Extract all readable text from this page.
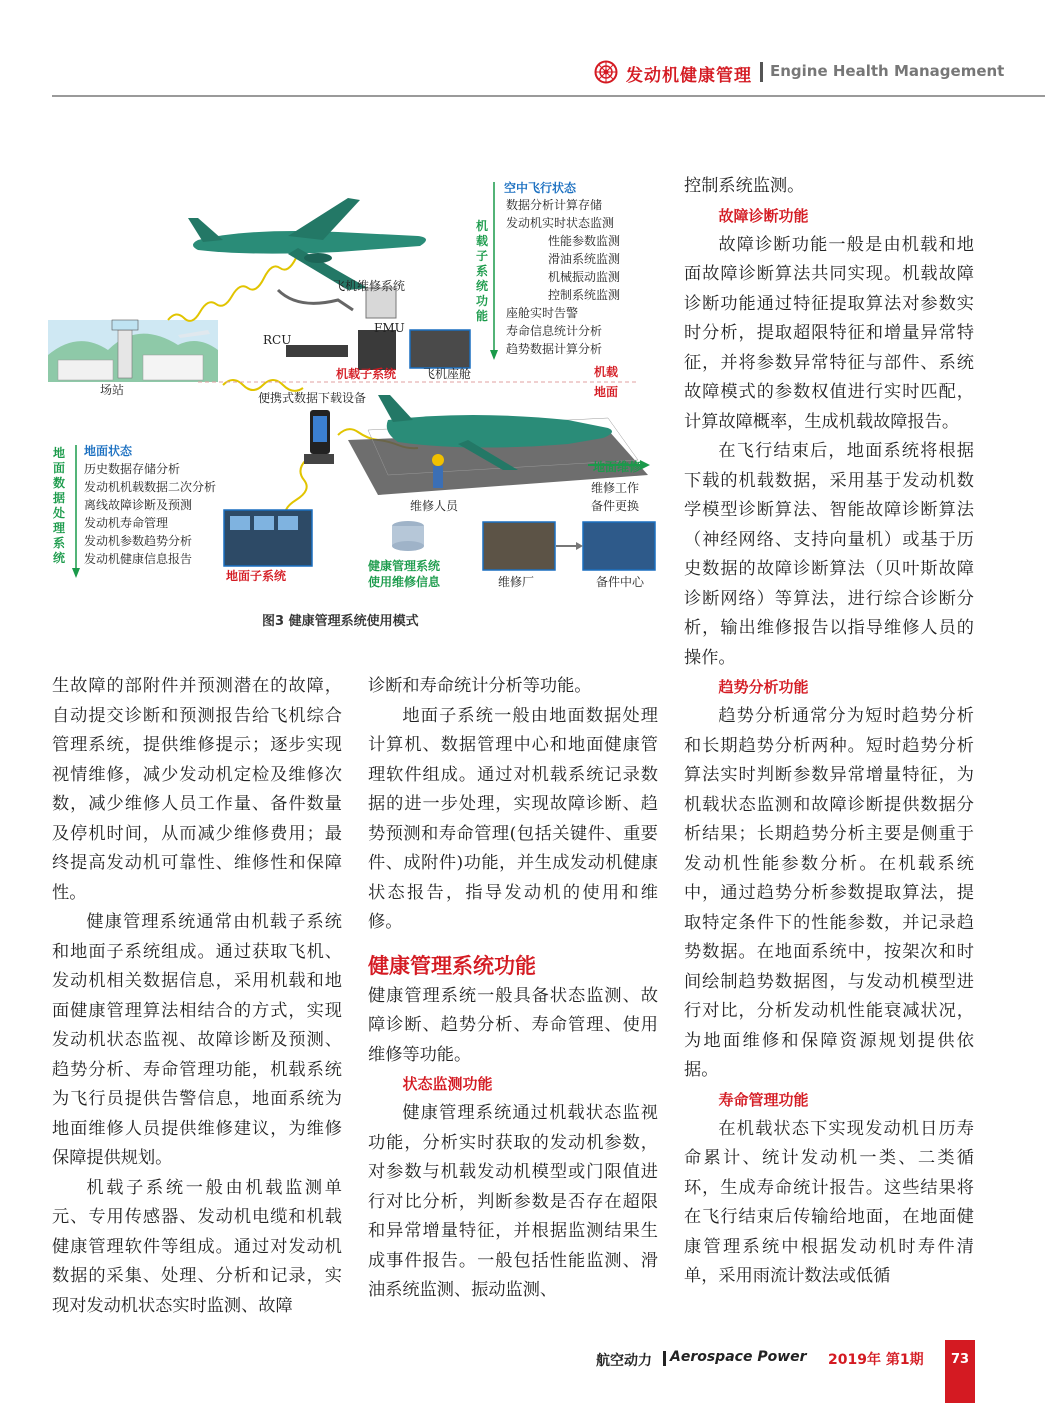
发动机健康管理 Engine Health Management
场站
空中飞行状态
数据分析计算存储
发动机实时状态监测
性能参数监测
滑油系统监测
机械振动监测
控制系统监测
座舱实时告警
寿命信息统计分析
趋势数据计算分析
机载子系统功能
飞机维修系统
FMU
RCU
机载子系统 飞机座舱	机载
地面
便携式数据下载设备
维修人员
地面维修
维修工作
备件更换
地面状态
历史数据存储分析
发动机机载数据二次分析
离线故障诊断及预测
发动机寿命管理
发动机参数趋势分析
发动机健康信息报告
地面数据处理系统
地面子系统
健康管理系统
使用维修信息	维修厂	备件中心
图3 健康管理系统使用模式

生故障的部附件并预测潜在的故障，自动提交诊断和预测报告给飞机综合管理系统，提供维修提示；逐步实现视情维修，减少发动机定检及维修次数，减少维修人员工作量、备件数量及停机时间，从而减少维修费用；最终提高发动机可靠性、维修性和保障性。

健康管理系统通常由机载子系统和地面子系统组成。通过获取飞机、发动机相关数据信息，采用机载和地面健康管理算法相结合的方式，实现发动机状态监视、故障诊断及预测、趋势分析、寿命管理功能，机载系统为飞行员提供告警信息，地面系统为地面维修人员提供维修建议，为维修保障提供规划。

机载子系统一般由机载监测单元、专用传感器、发动机电缆和机载健康管理软件等组成。通过对发动机数据的采集、处理、分析和记录，实现对发动机状态实时监测、故障

诊断和寿命统计分析等功能。

地面子系统一般由地面数据处理计算机、数据管理中心和地面健康管理软件组成。通过对机载系统记录数据的进一步处理，实现故障诊断、趋势预测和寿命管理(包括关键件、重要件、成附件)功能，并生成发动机健康状态报告，指导发动机的使用和维修。

健康管理系统功能

健康管理系统一般具备状态监测、故障诊断、趋势分析、寿命管理、使用维修等功能。

状态监测功能

健康管理系统通过机载状态监视功能，分析实时获取的发动机参数，对参数与机载发动机模型或门限值进行对比分析，判断参数是否存在超限和异常增量特征，并根据监测结果生成事件报告。一般包括性能监测、滑油系统监测、振动监测、

控制系统监测。

故障诊断功能

故障诊断功能一般是由机载和地面故障诊断算法共同实现。机载故障诊断功能通过特征提取算法对参数实时分析，提取超限特征和增量异常特征，并将参数异常特征与部件、系统故障模式的参数权值进行实时匹配，计算故障概率，生成机载故障报告。

在飞行结束后，地面系统将根据下载的机载数据，采用基于发动机数学模型诊断算法、智能故障诊断算法（神经网络、支持向量机）或基于历史数据的故障诊断算法（贝叶斯故障诊断网络）等算法，进行综合诊断分析，输出维修报告以指导维修人员的操作。

趋势分析功能

趋势分析通常分为短时趋势分析和长期趋势分析两种。短时趋势分析算法实时判断参数异常增量特征，为机载状态监测和故障诊断提供数据分析结果；长期趋势分析主要是侧重于发动机性能参数分析。在机载系统中，通过趋势分析参数提取算法，提取特定条件下的性能参数，并记录趋势数据。在地面系统中，按架次和时间绘制趋势数据图，与发动机模型进行对比，分析发动机性能衰减状况，为地面维修和保障资源规划提供依据。

寿命管理功能

在机载状态下实现发动机日历寿命累计、统计发动机一类、二类循环，生成寿命统计报告。这些结果将在飞行结束后传输给地面，在地面健康管理系统中根据发动机时寿件清单，采用雨流计数法或低循

航空动力 Aerospace Power 2019年 第1期	73
